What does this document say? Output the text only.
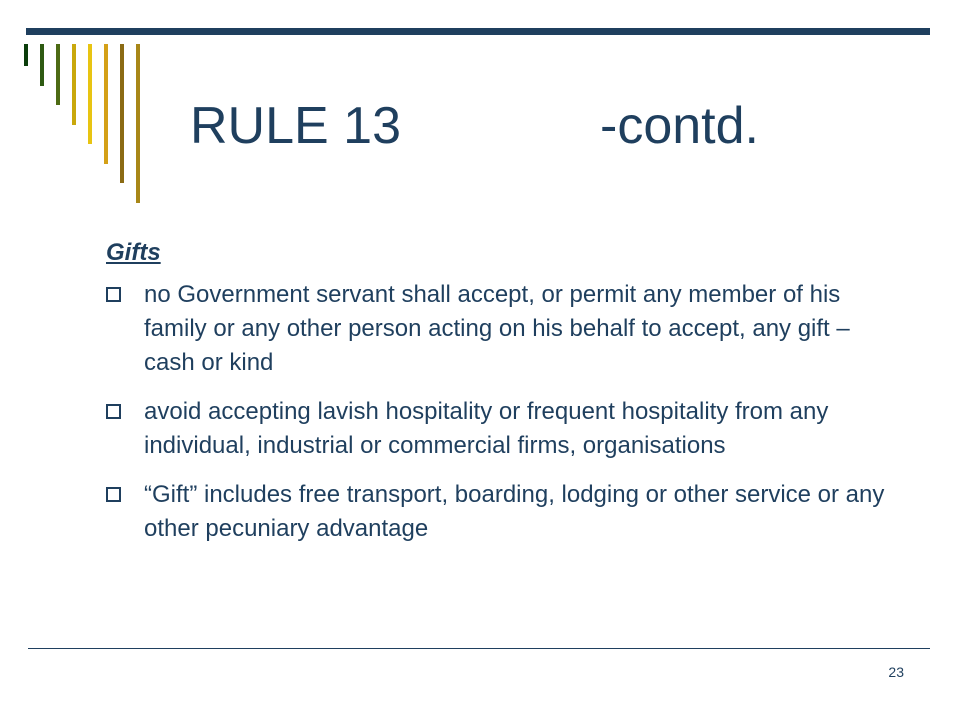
RULE 13	-contd.
Gifts
no Government servant shall accept, or permit any member of his family or any other person acting on his behalf to accept, any gift – cash or kind
avoid accepting lavish hospitality or frequent hospitality from any individual, industrial or commercial firms, organisations
“Gift” includes free transport, boarding, lodging or other service or any other pecuniary advantage
23
